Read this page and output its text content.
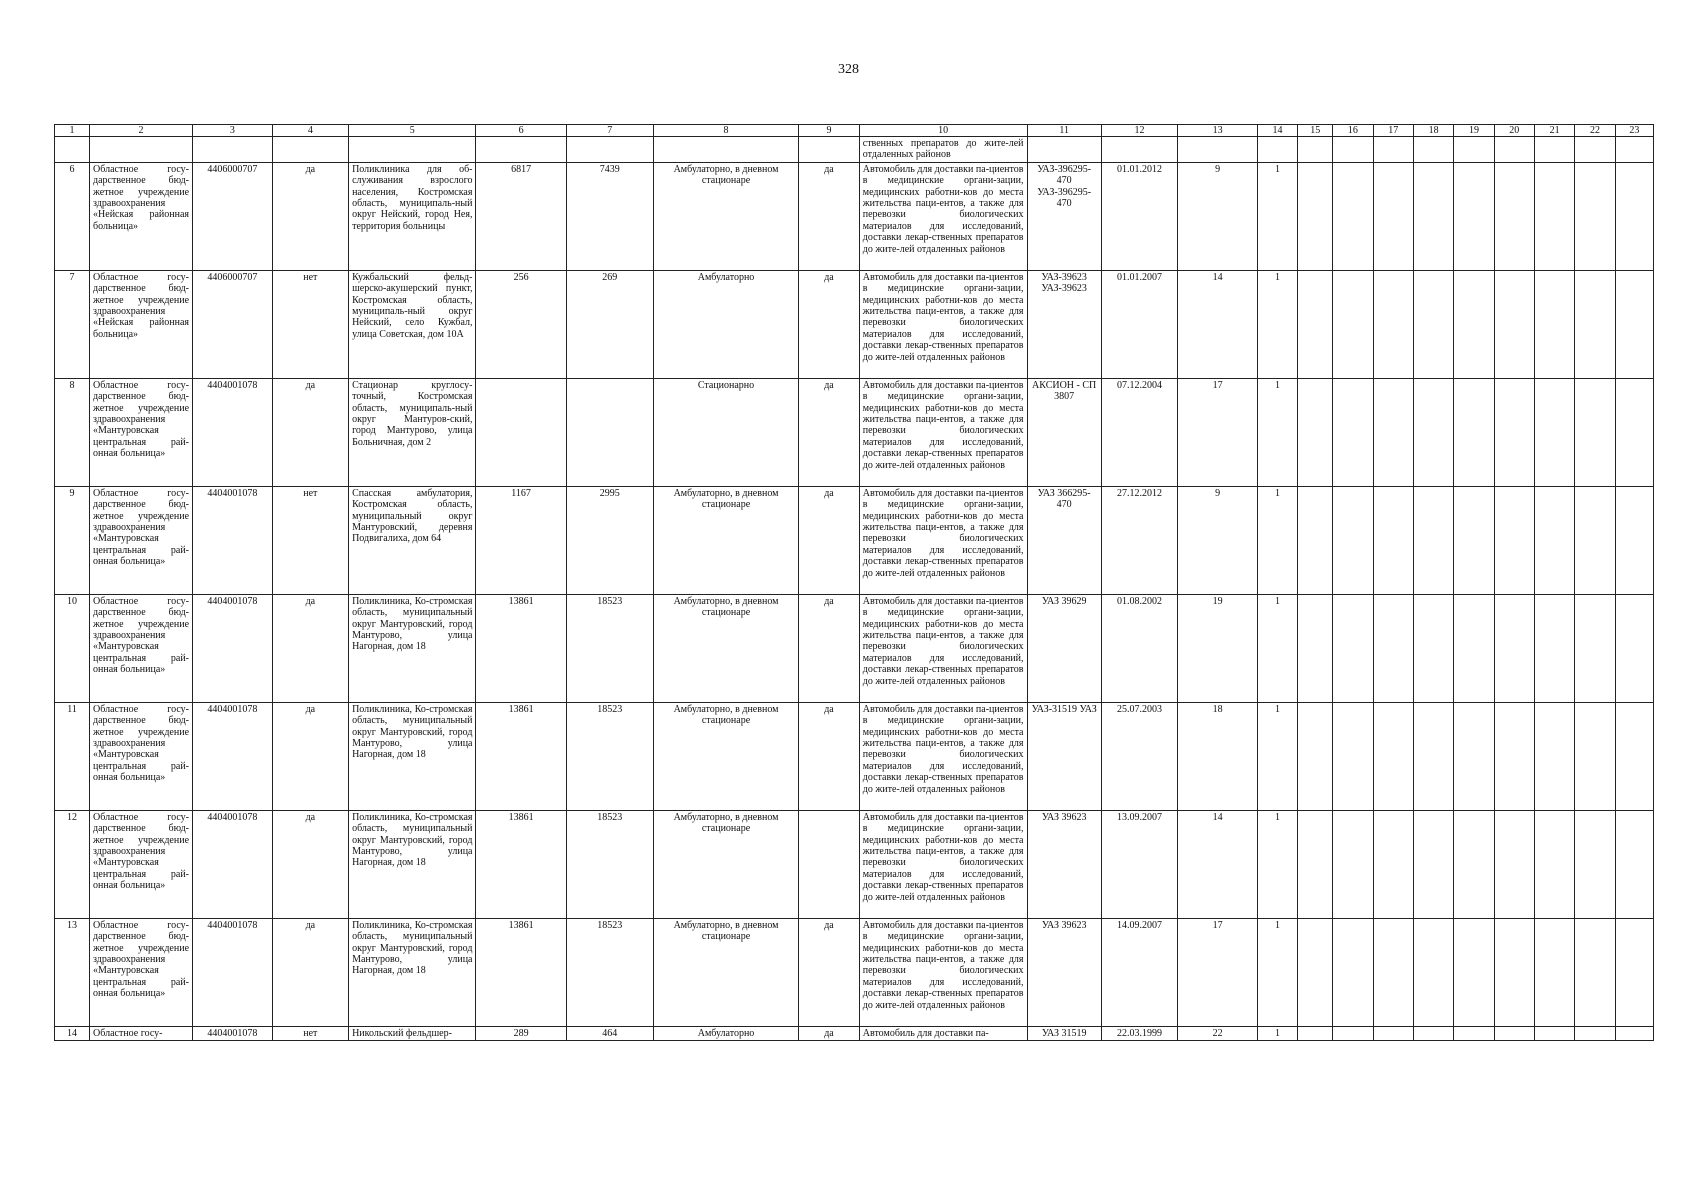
328
1	2	3	4	5	6	7	8	9	10	11	12	13	14	15	16	17	18	19	20	21	22	23
									ственных препаратов до жите-лей отдаленных районов													
6	Областное госу-дарственное бюд-жетное учреждение здравоохранения «Нейская районная больница»	4406000707	да	Поликлиника для об-служивания взрослого населения, Костромская область, муниципаль-ный округ Нейский, город Нея, территория больницы	6817	7439	Амбулаторно, в дневном стационаре	да	Автомобиль для доставки па-циентов в медицинские органи-зации, медицинских работни-ков до места жительства паци-ентов, а также для перевозки биологических материалов для исследований, доставки лекар-ственных препаратов до жите-лей отдаленных районов	УАЗ-396295-470 УАЗ-396295-470	01.01.2012	9	1									
7	Областное госу-дарственное бюд-жетное учреждение здравоохранения «Нейская районная больница»	4406000707	нет	Кужбальский фельд-шерско-акушерский пункт, Костромская область, муниципаль-ный округ Нейский, село Кужбал, улица Советская, дом 10А	256	269	Амбулаторно	да	Автомобиль для доставки па-циентов в медицинские органи-зации, медицинских работни-ков до места жительства паци-ентов, а также для перевозки биологических материалов для исследований, доставки лекар-ственных препаратов до жите-лей отдаленных районов	УАЗ-39623 УАЗ-39623	01.01.2007	14	1									
8	Областное госу-дарственное бюд-жетное учреждение здравоохранения «Мантуровская центральная рай-онная больница»	4404001078	да	Стационар круглосу-точный, Костромская область, муниципаль-ный округ Мантуров-ский, город Мантурово, улица Больничная, дом 2			Стационарно	да	Автомобиль для доставки па-циентов в медицинские органи-зации, медицинских работни-ков до места жительства паци-ентов, а также для перевозки биологических материалов для исследований, доставки лекар-ственных препаратов до жите-лей отдаленных районов	АКСИОН - СП 3807	07.12.2004	17	1									
9	Областное госу-дарственное бюд-жетное учреждение здравоохранения «Мантуровская центральная рай-онная больница»	4404001078	нет	Спасская амбулатория, Костромская область, муниципальный округ Мантуровский, деревня Подвигалиха, дом 64	1167	2995	Амбулаторно, в дневном стационаре	да	Автомобиль для доставки па-циентов в медицинские органи-зации, медицинских работни-ков до места жительства паци-ентов, а также для перевозки биологических материалов для исследований, доставки лекар-ственных препаратов до жите-лей отдаленных районов	УАЗ 366295-470	27.12.2012	9	1									
10	Областное госу-дарственное бюд-жетное учреждение здравоохранения «Мантуровская центральная рай-онная больница»	4404001078	да	Поликлиника, Ко-стромская область, муниципальный округ Мантуровский, город Мантурово, улица Нагорная, дом 18	13861	18523	Амбулаторно, в дневном стационаре	да	Автомобиль для доставки па-циентов в медицинские органи-зации, медицинских работни-ков до места жительства паци-ентов, а также для перевозки биологических материалов для исследований, доставки лекар-ственных препаратов до жите-лей отдаленных районов	УАЗ 39629	01.08.2002	19	1									
11	Областное госу-дарственное бюд-жетное учреждение здравоохранения «Мантуровская центральная рай-онная больница»	4404001078	да	Поликлиника, Ко-стромская область, муниципальный округ Мантуровский, город Мантурово, улица Нагорная, дом 18	13861	18523	Амбулаторно, в дневном стационаре	да	Автомобиль для доставки па-циентов в медицинские органи-зации, медицинских работни-ков до места жительства паци-ентов, а также для перевозки биологических материалов для исследований, доставки лекар-ственных препаратов до жите-лей отдаленных районов	УАЗ-31519 УАЗ	25.07.2003	18	1									
12	Областное госу-дарственное бюд-жетное учреждение здравоохранения «Мантуровская центральная рай-онная больница»	4404001078	да	Поликлиника, Ко-стромская область, муниципальный округ Мантуровский, город Мантурово, улица Нагорная, дом 18	13861	18523	Амбулаторно, в дневном стационаре		Автомобиль для доставки па-циентов в медицинские органи-зации, медицинских работни-ков до места жительства паци-ентов, а также для перевозки биологических материалов для исследований, доставки лекар-ственных препаратов до жите-лей отдаленных районов	УАЗ 39623	13.09.2007	14	1									
13	Областное госу-дарственное бюд-жетное учреждение здравоохранения «Мантуровская центральная рай-онная больница»	4404001078	да	Поликлиника, Ко-стромская область, муниципальный округ Мантуровский, город Мантурово, улица Нагорная, дом 18	13861	18523	Амбулаторно, в дневном стационаре	да	Автомобиль для доставки па-циентов в медицинские органи-зации, медицинских работни-ков до места жительства паци-ентов, а также для перевозки биологических материалов для исследований, доставки лекар-ственных препаратов до жите-лей отдаленных районов	УАЗ 39623	14.09.2007	17	1									
14	Областное госу-	4404001078	нет	Никольский фельдшер-	289	464	Амбулаторно	да	Автомобиль для доставки па-	УАЗ 31519	22.03.1999	22	1									
